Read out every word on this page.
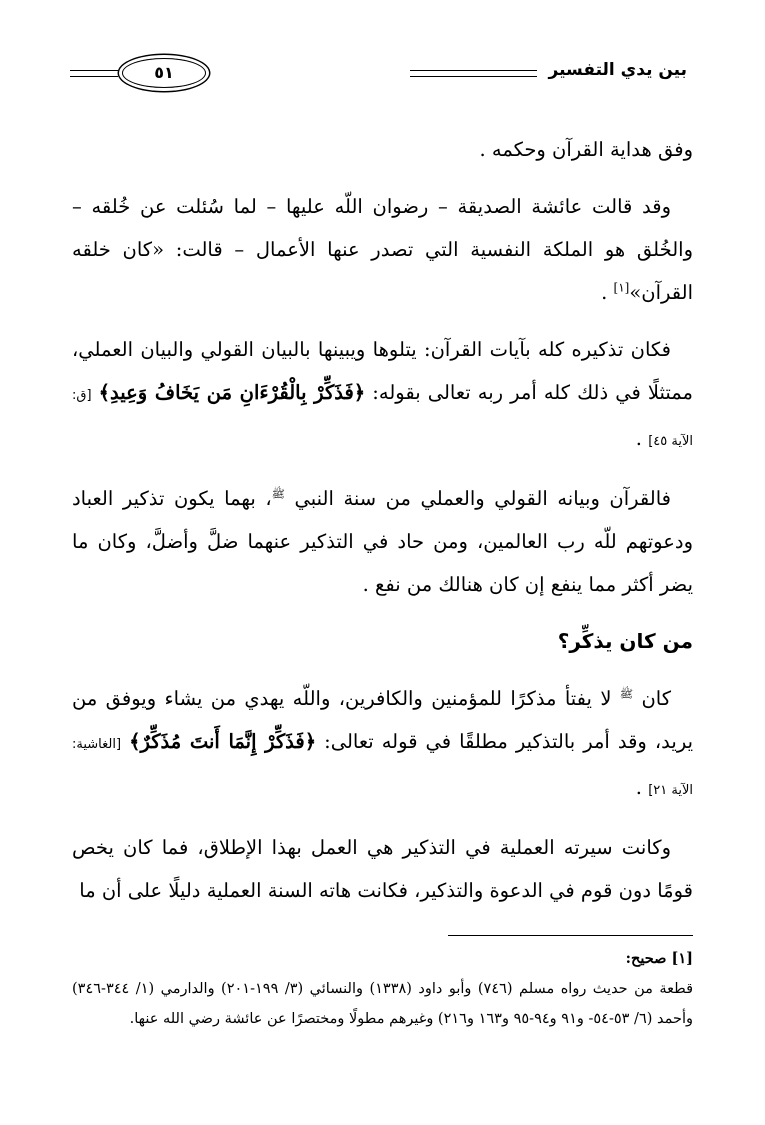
بين يدي التفسير
٥١

وفق هداية القرآن وحكمه .

وقد قالت عائشة الصديقة – رضوان اللّه عليها – لما سُئلت عن خُلقه – والخُلق هو الملكة النفسية التي تصدر عنها الأعمال – قالت: «كان خلقه القرآن»[١] .

فكان تذكيره كله بآيات القرآن: يتلوها ويبينها بالبيان القولي والبيان العملي، ممتثلًا في ذلك كله أمر ربه تعالى بقوله: ﴿فَذَكِّرْ بِالْقُرْءَانِ مَن يَخَافُ وَعِيدِ﴾ [ق: الآية ٤٥] .

فالقرآن وبيانه القولي والعملي من سنة النبي $^ﷺ$، بهما يكون تذكير العباد ودعوتهم للّه رب العالمين، ومن حاد في التذكير عنهما ضلَّ وأضلَّ، وكان ما يضر أكثر مما ينفع إن كان هنالك من نفع .

من كان يذكِّر؟

كان $^ﷺ$ لا يفتأ مذكرًا للمؤمنين والكافرين، واللّه يهدي من يشاء ويوفق من يريد، وقد أمر بالتذكير مطلقًا في قوله تعالى: ﴿فَذَكِّرْ إِنَّمَا أَنتَ مُذَكِّرٌ﴾ [الغاشية: الآية ٢١] .

وكانت سيرته العملية في التذكير هي العمل بهذا الإطلاق، فما كان يخص قومًا دون قوم في الدعوة والتذكير، فكانت هاته السنة العملية دليلًا على أن ما

[١] صحيح:

قطعة من حديث رواه مسلم (٧٤٦) وأبو داود (١٣٣٨) والنسائي (٣/ ١٩٩-٢٠١) والدارمي (١/ ٣٤٤-٣٤٦) وأحمد (٦/ ٥٣-٥٤- و٩١ و٩٤-٩٥ و١٦٣ و٢١٦) وغيرهم مطولًا ومختصرًا عن عائشة رضي الله عنها.
